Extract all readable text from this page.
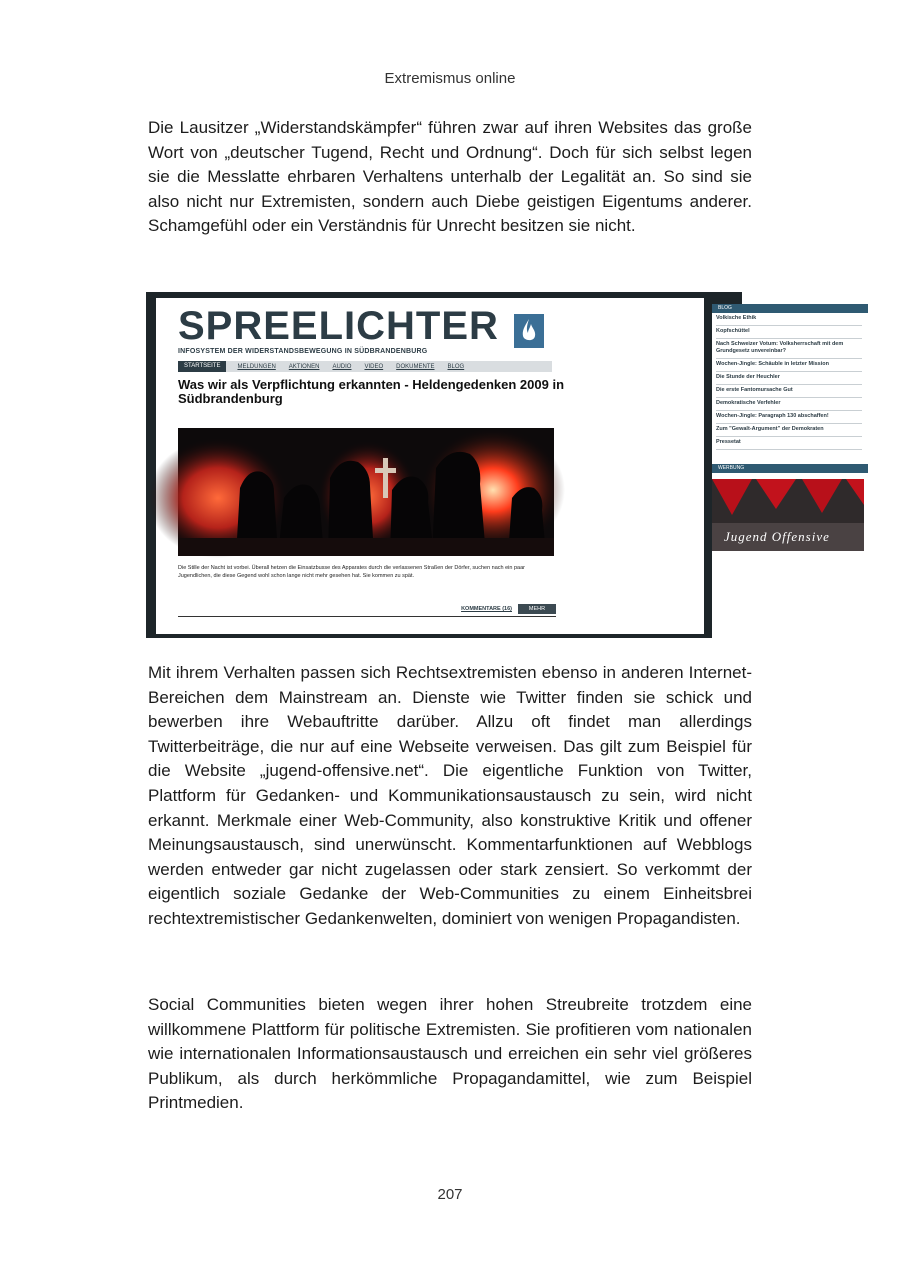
Extremismus online

Die Lausitzer „Widerstandskämpfer“ führen zwar auf ihren Websites das große Wort von „deutscher Tugend, Recht und Ordnung“. Doch für sich selbst legen sie die Messlatte ehrbaren Verhaltens unterhalb der Legalität an. So sind sie also nicht nur Extremisten, sondern auch Diebe geistigen Eigentums anderer. Schamgefühl oder ein Verständnis für Unrecht besitzen sie nicht.

SPREELICHTER
INFOSYSTEM DER WIDERSTANDSBEWEGUNG IN SÜDBRANDENBURG
STARTSEITE	MELDUNGEN	AKTIONEN	AUDIO	VIDEO	DOKUMENTE	BLOG
Was wir als Verpflichtung erkannten - Heldengedenken 2009 in Südbrandenburg
Die Stille der Nacht ist vorbei. Überall hetzen die Einsatzbusse des Apparates durch die verlassenen Straßen der Dörfer, suchen nach ein paar Jugendlichen, die diese Gegend wohl schon lange nicht mehr gesehen hat. Sie kommen zu spät.
KOMMENTARE (16)	MEHR
BLOG
Volkische Ethik
Kopfschüttel
Nach Schweizer Votum: Volksherrschaft mit dem Grundgesetz unvereinbar?
Wochen-Jingle: Schäuble in letzter Mission
Die Stunde der Heuchler
Die erste Fantomursache Gut
Demokratische Verfehler
Wochen-Jingle: Paragraph 130 abschaffen!
Zum "Gewalt-Argument" der Demokraten
Pressetat
WERBUNG
Jugend Offensive

Mit ihrem Verhalten passen sich Rechtsextremisten ebenso in anderen Internet-Bereichen dem Mainstream an. Dienste wie Twitter finden sie schick und bewerben ihre Webauftritte darüber. Allzu oft findet man allerdings Twitterbeiträge, die nur auf eine Webseite verweisen. Das gilt zum Beispiel für die Website „jugend-offensive.net“. Die eigentliche Funktion von Twitter, Plattform für Gedanken- und Kommunikationsaustausch zu sein, wird nicht erkannt. Merkmale einer Web-Community, also konstruktive Kritik und offener Meinungsaustausch, sind unerwünscht. Kommentarfunktionen auf Webblogs werden entweder gar nicht zugelassen oder stark zensiert. So verkommt der eigentlich soziale Gedanke der Web-Communities zu einem Einheitsbrei rechtextremistischer Gedankenwelten, dominiert von wenigen Propagandisten.

Social Communities bieten wegen ihrer hohen Streubreite trotzdem eine willkommene Plattform für politische Extremisten. Sie profitieren vom nationalen wie internationalen Informationsaustausch und erreichen ein sehr viel größeres Publikum, als durch herkömmliche Propagandamittel, wie zum Beispiel Printmedien.

207
